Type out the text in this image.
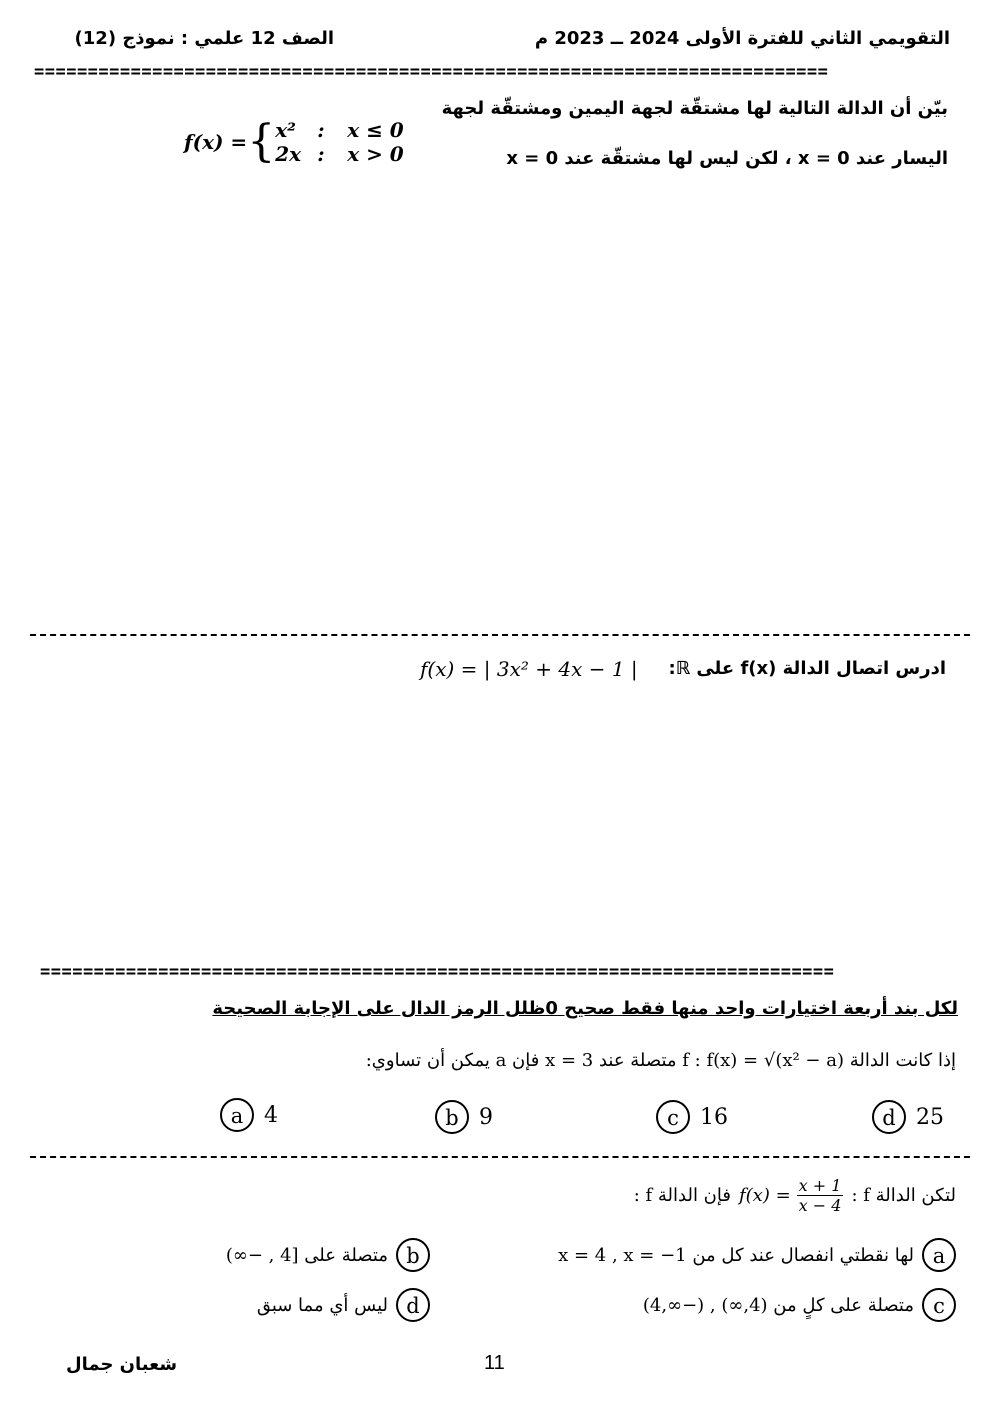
التقويمي الثاني للفترة الأولى 2024 ــ 2023 م
الصف 12 علمي : نموذج (12)
==========================================================================
بيّن أن الدالة التالية لها مشتقّة لجهة اليمين ومشتقّة لجهة
اليسار عند 0 = x ، لكن ليس لها مشتقّة عند 0 = x
f(x) = { x²	:	x ≤ 0
2x :	x > 0
ادرس اتصال الدالة f(x) على ℝ:
f(x) = | 3x² + 4x − 1 |
==========================================================================
لكل بند أربعة اختيارات واحد منها فقط صحيح 0ظلل الرمز الدال على الإجابة الصحيحة
إذا كانت الدالة f : f(x) = √(x² − a) متصلة عند x = 3 فإن a يمكن أن تساوي:
a 4	b 9	c 16	d 25
لتكن الدالة f :
$f(x) = \frac{x + 1}{x - 4}$
فإن الدالة f :
a
لها نقطتي انفصال عند كل من x = 4 , x = −1
b
متصلة على [4 , −∞)
c
متصلة على كلٍ من (4,∞) , (−∞,4)
d
ليس أي مما سبق
شعبان جمال	11
